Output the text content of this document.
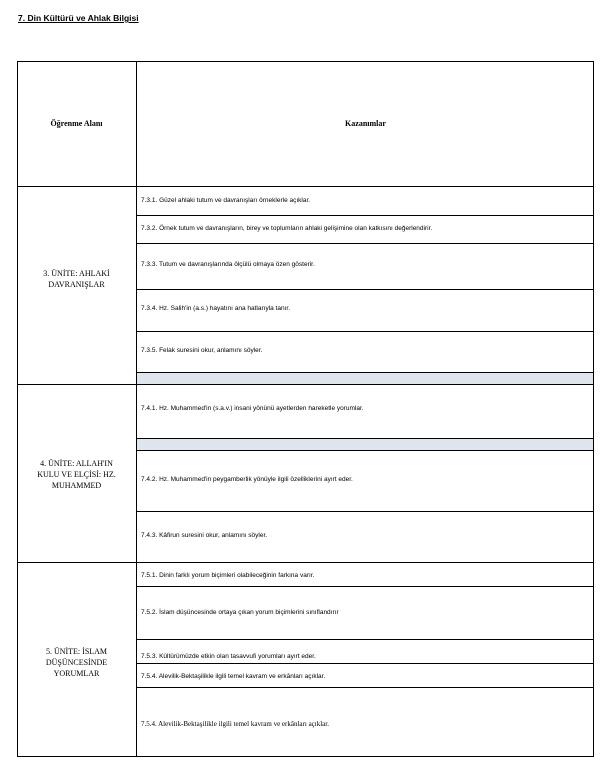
7. Din Kültürü ve Ahlak Bilgisi
Öğrenme Alanı	Kazanımlar
3. ÜNİTE: AHLAKİ
DAVRANIŞLAR
4. ÜNİTE: ALLAH'IN
KULU VE ELÇİSİ: HZ.
MUHAMMED
5. ÜNİTE: İSLAM
DÜŞÜNCESİNDE
YORUMLAR
7.3.1. Güzel ahlaki tutum ve davranışları örneklerle açıklar.
7.3.2. Örnek tutum ve davranışların, birey ve toplumların ahlaki gelişimine olan katkısını değerlendirir.
7.3.3. Tutum ve davranışlarında ölçülü olmaya özen gösterir.
7.3.4. Hz. Salih'in (a.s.) hayatını ana hatlarıyla tanır.
7.3.5. Felak suresini okur, anlamını söyler.
7.4.1. Hz. Muhammed'in (s.a.v.) insani yönünü ayetlerden hareketle yorumlar.
7.4.2. Hz. Muhammed'in peygamberlik yönüyle ilgili özelliklerini ayırt eder.
7.4.3. Kâfirun suresini okur, anlamını söyler.
7.5.1. Dinin farklı yorum biçimleri olabileceğinin farkına varır.
7.5.2. İslam düşüncesinde ortaya çıkan yorum biçimlerini sınıflandırır
7.5.3. Kültürümüzde etkin olan tasavvufi yorumları ayırt eder.
7.5.4. Alevilik-Bektaşilikle ilgili temel kavram ve erkânları açıklar.
7.5.4. Alevilik-Bektaşilikle ilgili temel kavram ve erkânları açıklar.
